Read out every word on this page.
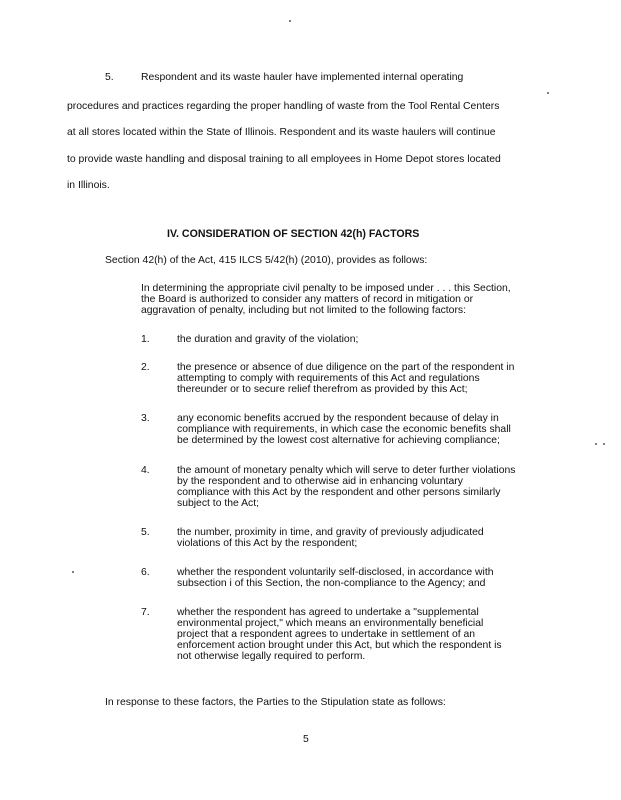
5.	Respondent and its waste hauler have implemented internal operating
procedures and practices regarding the proper handling of waste from the Tool Rental Centers
at all stores located within the State of Illinois. Respondent and its waste haulers will continue
to provide waste handling and disposal training to all employees in Home Depot stores located
in Illinois.
IV. CONSIDERATION OF SECTION 42(h) FACTORS
Section 42(h) of the Act, 415 ILCS 5/42(h) (2010), provides as follows:
In determining the appropriate civil penalty to be imposed under . . . this Section,
the Board is authorized to consider any matters of record in mitigation or
aggravation of penalty, including but not limited to the following factors:
1.	the duration and gravity of the violation;
2.	the presence or absence of due diligence on the part of the respondent in
attempting to comply with requirements of this Act and regulations
thereunder or to secure relief therefrom as provided by this Act;
3.	any economic benefits accrued by the respondent because of delay in
compliance with requirements, in which case the economic benefits shall
be determined by the lowest cost alternative for achieving compliance;
4.	the amount of monetary penalty which will serve to deter further violations
by the respondent and to otherwise aid in enhancing voluntary
compliance with this Act by the respondent and other persons similarly
subject to the Act;
5.	the number, proximity in time, and gravity of previously adjudicated
violations of this Act by the respondent;
6.	whether the respondent voluntarily self-disclosed, in accordance with
subsection i of this Section, the non-compliance to the Agency; and
7.	whether the respondent has agreed to undertake a "supplemental
environmental project," which means an environmentally beneficial
project that a respondent agrees to undertake in settlement of an
enforcement action brought under this Act, but which the respondent is
not otherwise legally required to perform.
In response to these factors, the Parties to the Stipulation state as follows:
5
